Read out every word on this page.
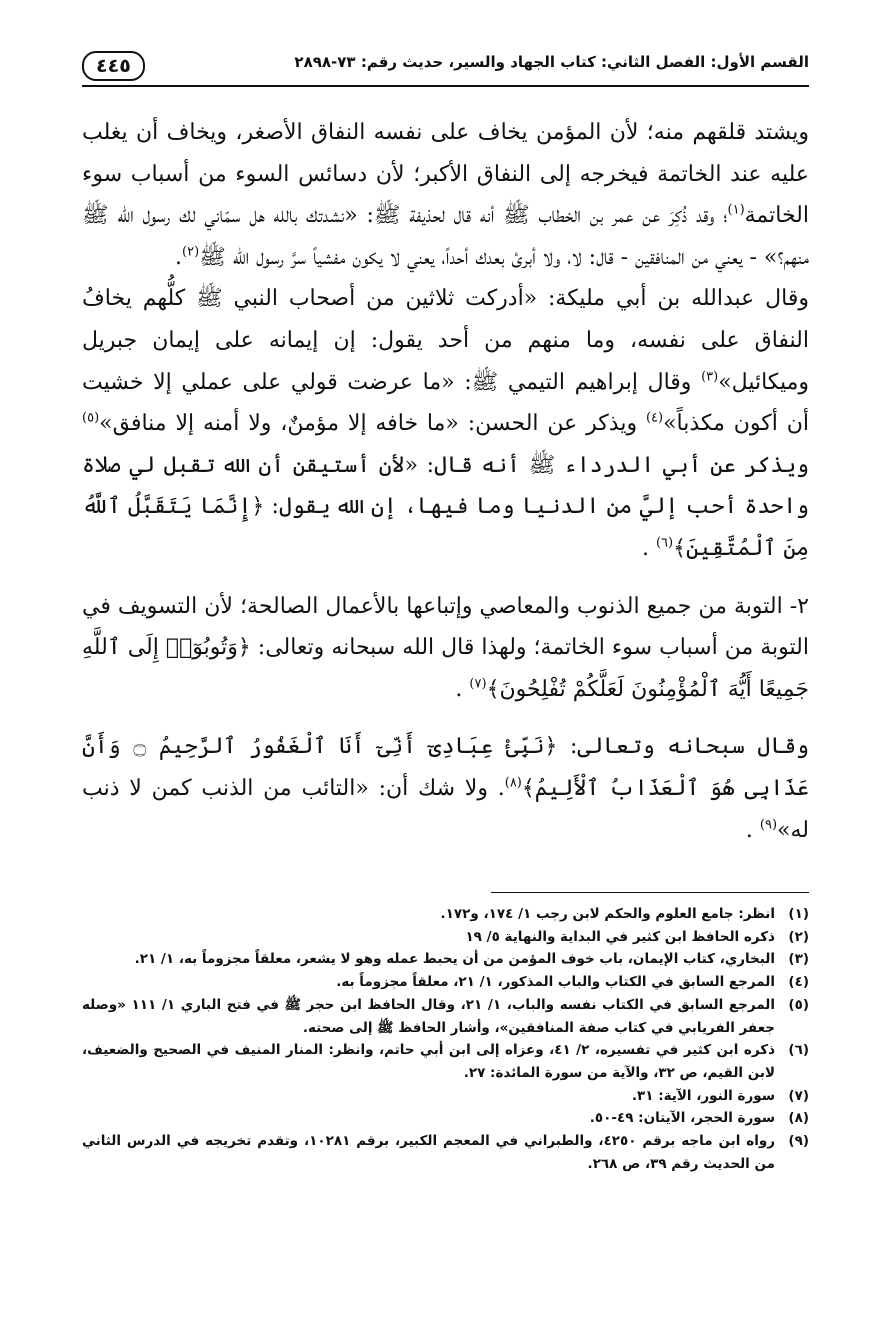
القسم الأول: الفصل الثاني: كتاب الجهاد والسير، حديث رقم: ٧٣-٢٨٩٨
٤٤٥

ويشتد قلقهم منه؛ لأن المؤمن يخاف على نفسه النفاق الأصغر، ويخاف أن يغلب عليه عند الخاتمة فيخرجه إلى النفاق الأكبر؛ لأن دسائس السوء من أسباب سوء الخاتمة$^{(١)}$؛ وقد ذُكِرَ عن عمر بن الخطاب ﷺ أنه قال لحذيفة ﷺ: «نشدتك بالله هل سمّاني لك رسول الله ﷺ منهم؟» - يعني من المنافقين - قال: لا، ولا أبرئ بعدك أحداً، يعني لا يكون مفشياً سرَّ رسول الله ﷺ$^{(٢)}$.

وقال عبدالله بن أبي مليكة: «أدركت ثلاثين من أصحاب النبي ﷺ كلُّهم يخافُ النفاق على نفسه، وما منهم من أحد يقول: إن إيمانه على إيمان جبريل وميكائيل»$^{(٣)}$ وقال إبراهيم التيمي ﷺ: «ما عرضت قولي على عملي إلا خشيت أن أكون مكذباً»$^{(٤)}$ ويذكر عن الحسن: «ما خافه إلا مؤمنٌ، ولا أمنه إلا منافق»$^{(٥)}$ ويذكر عن أبي الدرداء ﷺ أنه قال: «لأن أستيقن أن الله تقبل لي صلاة واحدة أحب إليَّ من الدنيا وما فيها، إن الله يقول: ﴿إِنَّمَا يَتَقَبَّلُ ٱللَّهُ مِنَ ٱلْمُتَّقِينَ﴾$^{(٦)}$ .

٢- التوبة من جميع الذنوب والمعاصي وإتباعها بالأعمال الصالحة؛ لأن التسويف في التوبة من أسباب سوء الخاتمة؛ ولهذا قال الله سبحانه وتعالى: ﴿وَتُوبُوٓا۟ إِلَى ٱللَّهِ جَمِيعًا أَيُّهَ ٱلْمُؤْمِنُونَ لَعَلَّكُمْ تُفْلِحُونَ﴾$^{(٧)}$ .

وقال سبحانه وتعالى: ﴿نَبِّئْ عِبَادِىٓ أَنِّىٓ أَنَا ٱلْغَفُورُ ٱلرَّحِيمُ ۝ وَأَنَّ عَذَابِى هُوَ ٱلْعَذَابُ ٱلْأَلِيمُ﴾$^{(٨)}$. ولا شك أن: «التائب من الذنب كمن لا ذنب له»$^{(٩)}$ .

(١)
انظر: جامع العلوم والحكم لابن رجب ١/ ١٧٤، و١٧٢.
(٢)
ذكره الحافظ ابن كثير في البداية والنهاية ٥/ ١٩
(٣)
البخاري، كتاب الإيمان، باب خوف المؤمن من أن يحبط عمله وهو لا يشعر، معلقاً مجزوماً به، ١/ ٢١.
(٤)
المرجع السابق في الكتاب والباب المذكور، ١/ ٢١، معلقاً مجزوماً به.
(٥)
المرجع السابق في الكتاب نفسه والباب، ١/ ٢١، وقال الحافظ ابن حجر ﷺ في فتح الباري ١/ ١١١ «وصله جعفر الفريابي في كتاب صفة المنافقين»، وأشار الحافظ ﷺ إلى صحته.
(٦)
ذكره ابن كثير في تفسيره، ٢/ ٤١، وعزاه إلى ابن أبي حاتم، وانظر: المنار المنيف في الصحيح والضعيف، لابن القيم، ص ٣٢، والآية من سورة المائدة: ٢٧.
(٧)
سورة النور، الآية: ٣١.
(٨)
سورة الحجر، الآيتان: ٤٩-٥٠.
(٩)
رواه ابن ماجه برقم ٤٢٥٠، والطبراني في المعجم الكبير، برقم ١٠٢٨١، وتقدم تخريجه في الدرس الثاني من الحديث رقم ٣٩، ص ٢٦٨.
